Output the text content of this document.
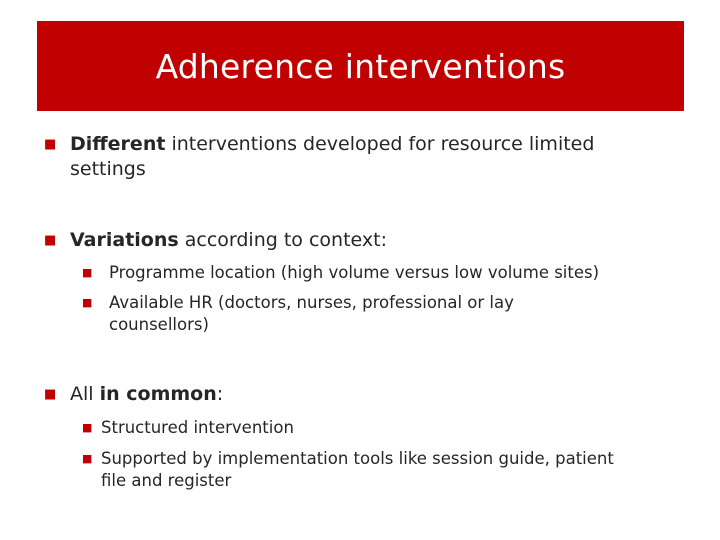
Adherence interventions
■ Different interventions developed for resource limited settings
■ Variations according to context:
■ Programme location (high volume versus low volume sites)
■ Available HR (doctors, nurses, professional or lay counsellors)
■ All in common:
■ Structured intervention
■ Supported by implementation tools like session guide, patient file and register
